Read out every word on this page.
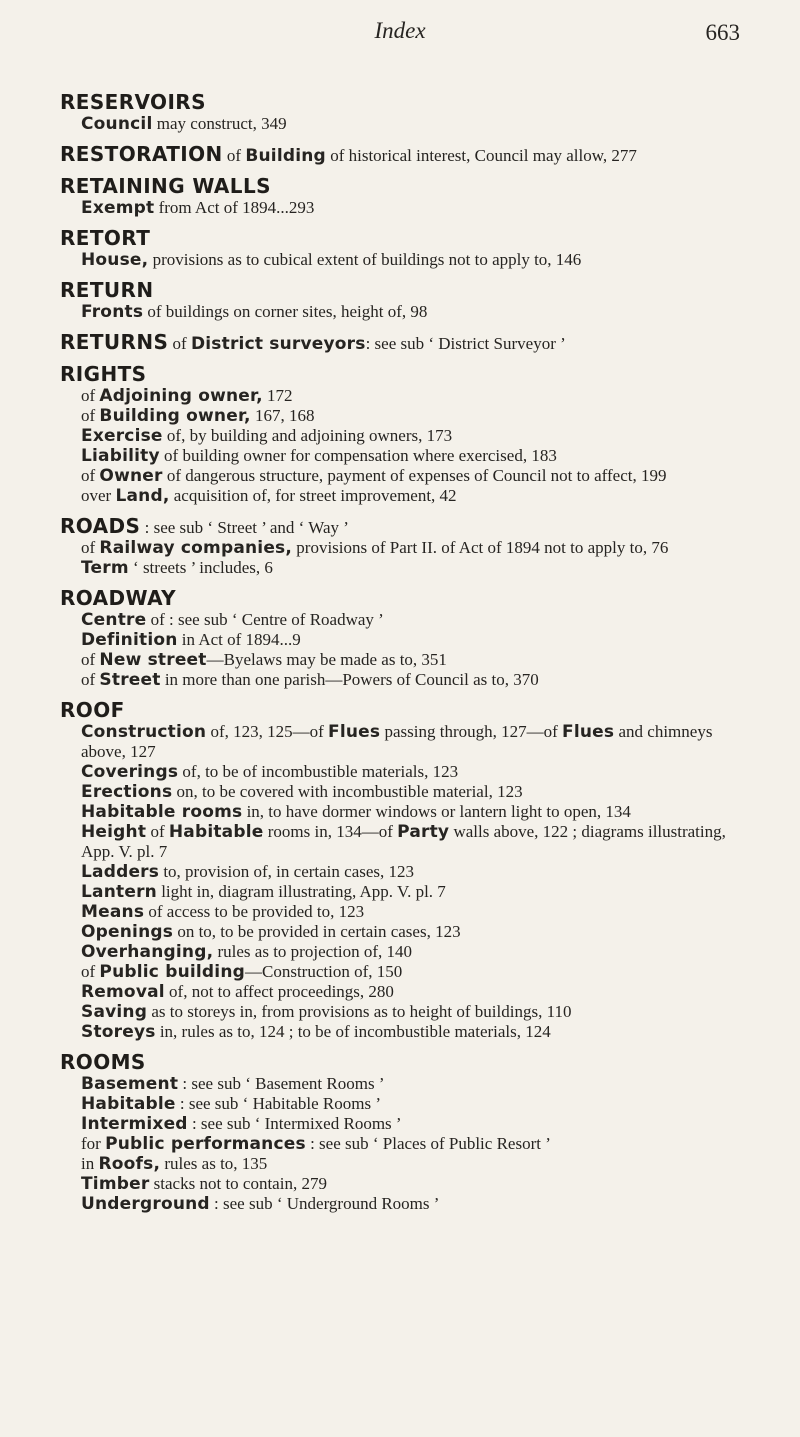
Index	663
RESERVOIRS
Council may construct, 349
RESTORATION of Building of historical interest, Council may allow, 277
RETAINING WALLS
Exempt from Act of 1894...293
RETORT
House, provisions as to cubical extent of buildings not to apply to, 146
RETURN
Fronts of buildings on corner sites, height of, 98
RETURNS of District surveyors: see sub ‘ District Surveyor ’
RIGHTS
of Adjoining owner, 172
of Building owner, 167, 168
Exercise of, by building and adjoining owners, 173
Liability of building owner for compensation where exercised, 183
of Owner of dangerous structure, payment of expenses of Council not to affect, 199
over Land, acquisition of, for street improvement, 42
ROADS : see sub ‘ Street ’ and ‘ Way ’
of Railway companies, provisions of Part II. of Act of 1894 not to apply to, 76
Term ‘ streets ’ includes, 6
ROADWAY
Centre of : see sub ‘ Centre of Roadway ’
Definition in Act of 1894...9
of New street—Byelaws may be made as to, 351
of Street in more than one parish—Powers of Council as to, 370
ROOF
Construction of, 123, 125—of Flues passing through, 127—of Flues and chimneys above, 127
Coverings of, to be of incombustible materials, 123
Erections on, to be covered with incombustible material, 123
Habitable rooms in, to have dormer windows or lantern light to open, 134
Height of Habitable rooms in, 134—of Party walls above, 122 ; diagrams illustrating, App. V. pl. 7
Ladders to, provision of, in certain cases, 123
Lantern light in, diagram illustrating, App. V. pl. 7
Means of access to be provided to, 123
Openings on to, to be provided in certain cases, 123
Overhanging, rules as to projection of, 140
of Public building—Construction of, 150
Removal of, not to affect proceedings, 280
Saving as to storeys in, from provisions as to height of buildings, 110
Storeys in, rules as to, 124 ; to be of incombustible materials, 124
ROOMS
Basement : see sub ‘ Basement Rooms ’
Habitable : see sub ‘ Habitable Rooms ’
Intermixed : see sub ‘ Intermixed Rooms ’
for Public performances : see sub ‘ Places of Public Resort ’
in Roofs, rules as to, 135
Timber stacks not to contain, 279
Underground : see sub ‘ Underground Rooms ’
